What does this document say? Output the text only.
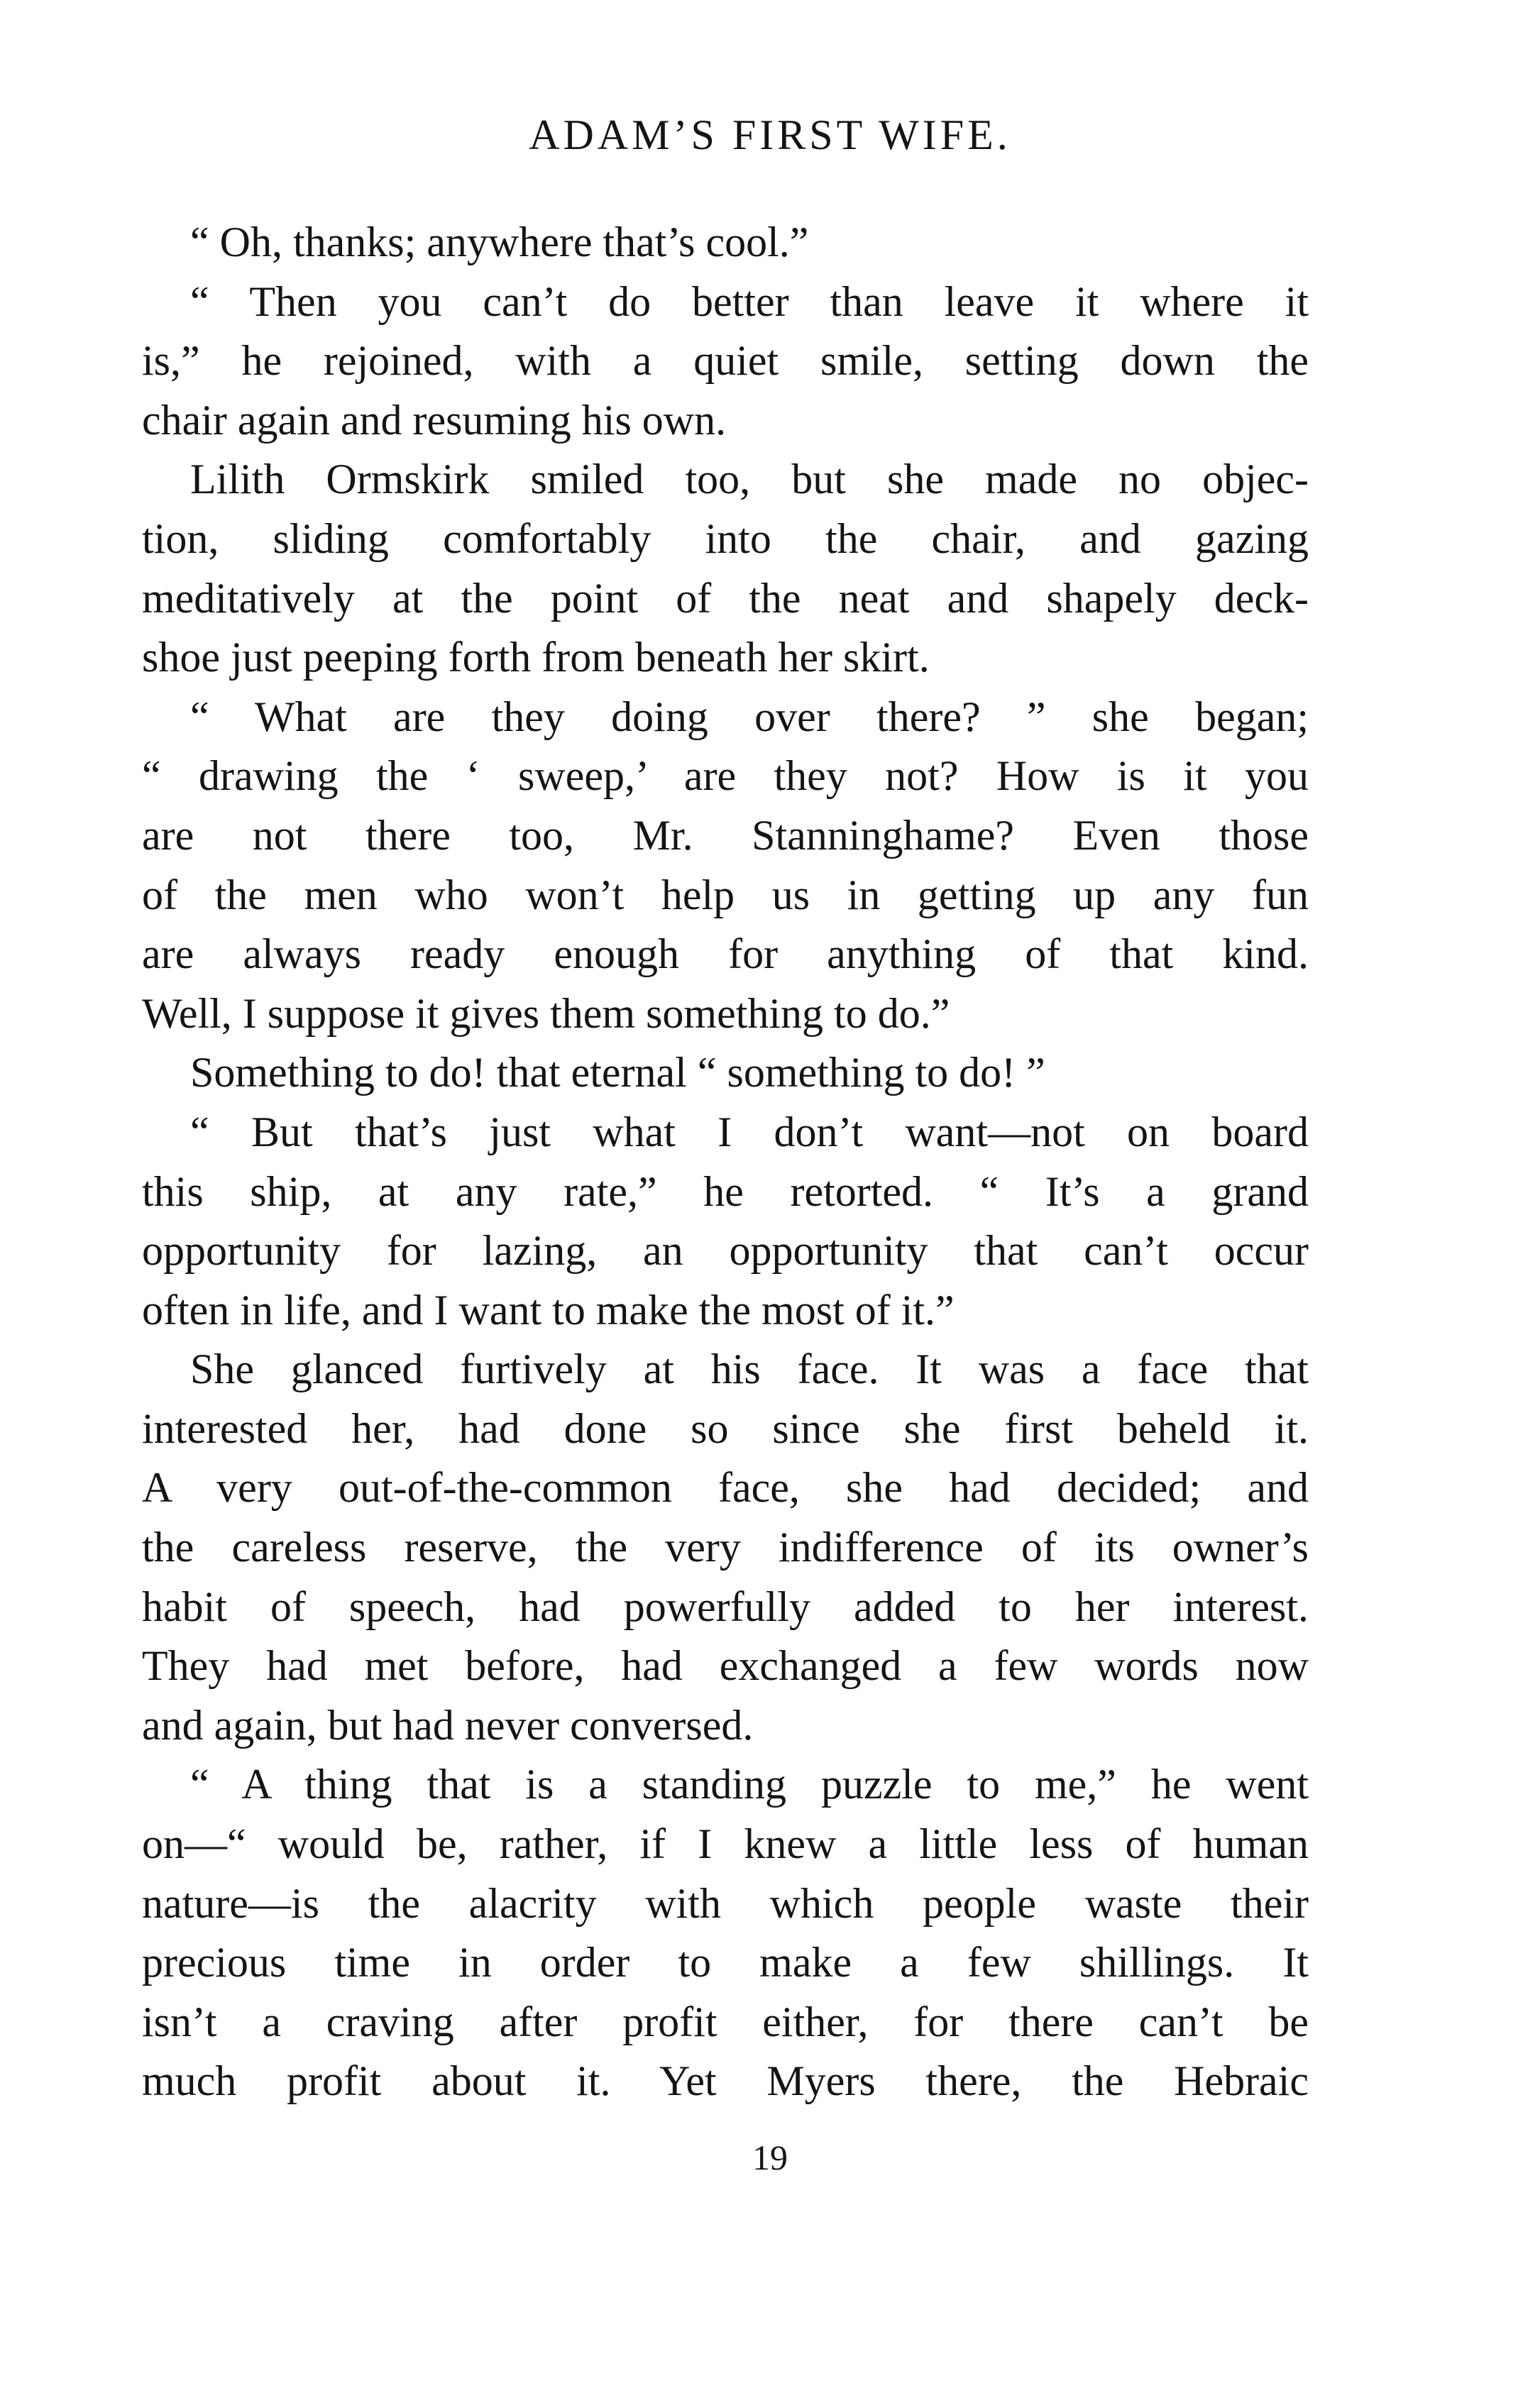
ADAM’S FIRST WIFE.
“ Oh, thanks; anywhere that’s cool.”
“ Then you can’t do better than leave it where it
is,” he rejoined, with a quiet smile, setting down the
chair again and resuming his own.
Lilith Ormskirk smiled too, but she made no objec-
tion, sliding comfortably into the chair, and gazing
meditatively at the point of the neat and shapely deck-
shoe just peeping forth from beneath her skirt.
“ What are they doing over there? ” she began;
“ drawing the ‘ sweep,’ are they not? How is it you
are not there too, Mr. Stanninghame? Even those
of the men who won’t help us in getting up any fun
are always ready enough for anything of that kind.
Well, I suppose it gives them something to do.”
Something to do! that eternal “ something to do! ”
“ But that’s just what I don’t want—not on board
this ship, at any rate,” he retorted. “ It’s a grand
opportunity for lazing, an opportunity that can’t occur
often in life, and I want to make the most of it.”
She glanced furtively at his face. It was a face that
interested her, had done so since she first beheld it.
A very out-of-the-common face, she had decided; and
the careless reserve, the very indifference of its owner’s
habit of speech, had powerfully added to her interest.
They had met before, had exchanged a few words now
and again, but had never conversed.
“ A thing that is a standing puzzle to me,” he went
on—“ would be, rather, if I knew a little less of human
nature—is the alacrity with which people waste their
precious time in order to make a few shillings. It
isn’t a craving after profit either, for there can’t be
much profit about it. Yet Myers there, the Hebraic
19
